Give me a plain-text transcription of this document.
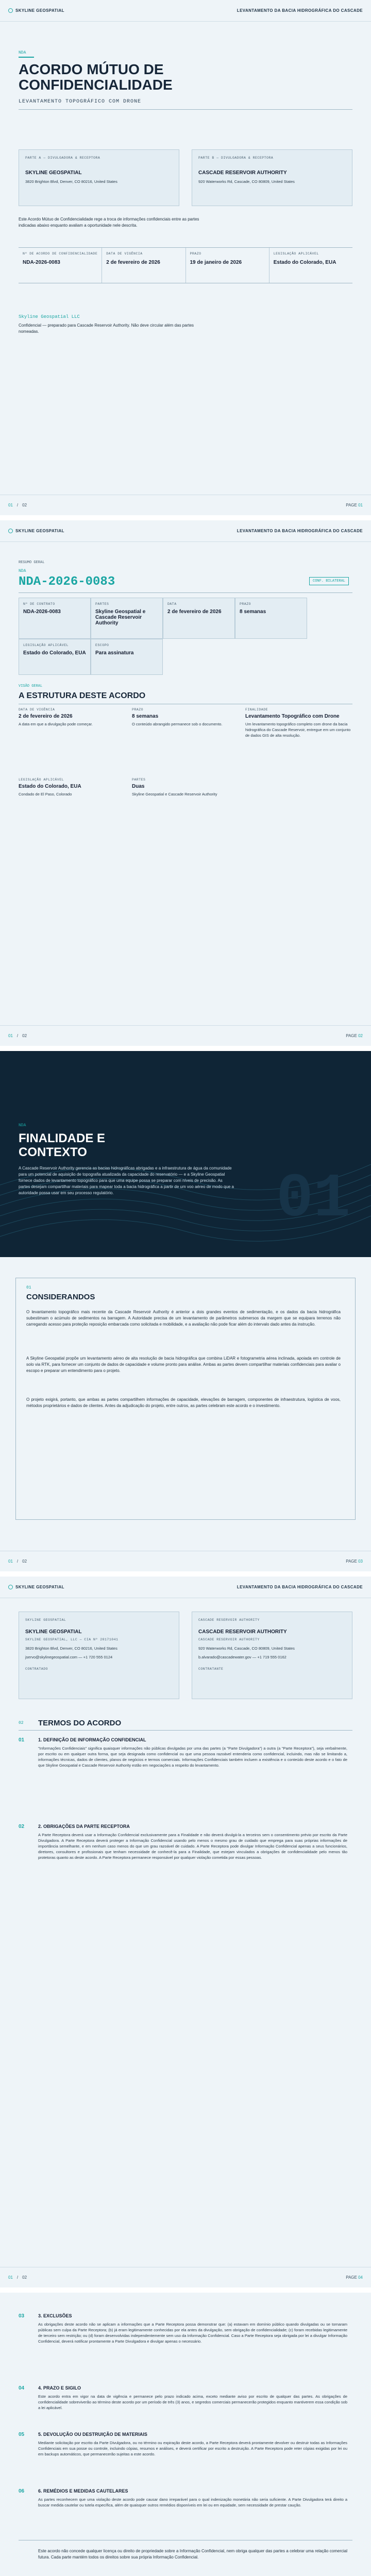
SKYLINE GEOSPATIAL	LEVANTAMENTO DA BACIA HIDROGRÁFICA DO CASCADE
NDA
ACORDO MÚTUO DE CONFIDENCIALIDADE
LEVANTAMENTO TOPOGRÁFICO COM DRONE
PARTE A — DIVULGADORA & RECEPTORA
SKYLINE GEOSPATIAL
3820 Brighton Blvd, Denver, CO 80216, United States
PARTE B — DIVULGADORA & RECEPTORA
CASCADE RESERVOIR AUTHORITY
920 Waterworks Rd, Cascade, CO 80809, United States
Este Acordo Mútuo de Confidencialidade rege a troca de informações confidenciais entre as partes indicadas abaixo enquanto avaliam a oportunidade nele descrita.
Nº DE ACORDO DE CONFIDENCIALIDADE
NDA-2026-0083
DATA DE VIGÊNCIA
2 de fevereiro de 2026
PRAZO
19 de janeiro de 2026
LEGISLAÇÃO APLICÁVEL
Estado do Colorado, EUA
Skyline Geospatial LLC
Confidencial — preparado para Cascade Reservoir Authority. Não deve circular além das partes nomeadas.
01 / 02	PAGE 01
SKYLINE GEOSPATIAL	LEVANTAMENTO DA BACIA HIDROGRÁFICA DO CASCADE
RESUMO GERAL
NDA
NDA-2026-0083	CONF. BILATERAL
Nº DE CONTRATO
NDA-2026-0083
PARTES
Skyline Geospatial e Cascade Reservoir Authority
DATA
2 de fevereiro de 2026
PRAZO
8 semanas
LEGISLAÇÃO APLICÁVEL
Estado do Colorado, EUA
ESCOPO
Para assinatura
VISÃO GERAL
A ESTRUTURA DESTE ACORDO
DATA DE VIGÊNCIA
2 de fevereiro de 2026
A data em que a divulgação pode começar.
PRAZO
8 semanas
O conteúdo abrangido permanece sob o documento.
FINALIDADE
Levantamento Topográfico com Drone
Um levantamento topográfico completo com drone da bacia hidrográfica do Cascade Reservoir, entregue em um conjunto de dados GIS de alta resolução.
LEGISLAÇÃO APLICÁVEL
Estado do Colorado, EUA
Condado de El Paso, Colorado
PARTES
Duas
Skyline Geospatial e Cascade Reservoir Authority
01 / 02	PAGE 02
01
NDA
FINALIDADE E CONTEXTO
A Cascade Reservoir Authority gerencia as bacias hidrográficas abrigadas e a infraestrutura de água da comunidade para um potencial de aquisição de topografia atualizada da capacidade do reservatório — e a Skyline Geospatial fornece dados de levantamento topográfico para que uma equipe possa se preparar com níveis de precisão. As partes desejam compartilhar materiais para mapear toda a bacia hidrográfica a partir de um voo aéreo de modo que a autoridade possa usar em seu processo regulatório.
01
CONSIDERANDOS
O levantamento topográfico mais recente da Cascade Reservoir Authority é anterior a dois grandes eventos de sedimentação, e os dados da bacia hidrográfica subestimam o acúmulo de sedimentos na barragem. A Autoridade precisa de um levantamento de parâmetros submersos da margem que se equipara terrenos não carregando acesso para proteção reposição embarcada como solicitada e mobilidade, e a avaliação não pode ficar além do intervalo dado antes da instrução.
A Skyline Geospatial propõe um levantamento aéreo de alta resolução de bacia hidrográfica que combina LiDAR e fotogrametria aérea inclinada, apoiada em controle de solo via RTK, para fornecer um conjunto de dados de capacidade e volume pronto para análise. Ambas as partes devem compartilhar materiais confidenciais para avaliar o escopo e preparar um entendimento para o projeto.
O projeto exigirá, portanto, que ambas as partes compartilhem informações de capacidade, elevações de barragem, componentes de infraestrutura, logística de voos, métodos proprietários e dados de clientes. Antes da adjudicação do projeto, entre outros, as partes celebram este acordo e o investimento.
01 / 02	PAGE 03
SKYLINE GEOSPATIAL	LEVANTAMENTO DA BACIA HIDROGRÁFICA DO CASCADE
SKYLINE GEOSPATIAL
SKYLINE GEOSPATIAL
SKYLINE GEOSPATIAL, LLC — CIA Nº 20171041
3820 Brighton Blvd, Denver, CO 80216, United States
jservo@skylinegeospatial.com — +1 720 555 0124
CONTRATADO
CASCADE RESERVOIR AUTHORITY
CASCADE RESERVOIR AUTHORITY
CASCADE RESERVOIR AUTHORITY
920 Waterworks Rd, Cascade, CO 80809, United States
b.alvarado@cascadewater.gov — +1 719 555 0162
CONTRATANTE
02 TERMOS DO ACORDO
01	1. DEFINIÇÃO DE INFORMAÇÃO CONFIDENCIAL
"Informações Confidenciais" significa quaisquer informações não públicas divulgadas por uma das partes (a "Parte Divulgadora") a outra (a "Parte Receptora"), seja verbalmente, por escrito ou em qualquer outra forma, que seja designada como confidencial ou que uma pessoa razoável entenderia como confidencial, incluindo, mas não se limitando a, informações técnicas, dados de clientes, planos de negócios e termos comerciais. Informações Confidenciais também incluem a existência e o conteúdo deste acordo e o fato de que Skyline Geospatial e Cascade Reservoir Authority estão em negociações a respeito do levantamento.
02	2. OBRIGAÇÕES DA PARTE RECEPTORA
A Parte Receptora deverá usar a Informação Confidencial exclusivamente para a Finalidade e não deverá divulgá-la a terceiros sem o consentimento prévio por escrito da Parte Divulgadora. A Parte Receptora deverá proteger a Informação Confidencial usando pelo menos o mesmo grau de cuidado que emprega para suas próprias informações de importância semelhante, e em nenhum caso menos do que um grau razoável de cuidado. A Parte Receptora pode divulgar Informação Confidencial apenas a seus funcionários, diretores, consultores e profissionais que tenham necessidade de conhecê-la para a Finalidade, que estejam vinculados a obrigações de confidencialidade pelo menos tão protetoras quanto as deste acordo. A Parte Receptora permanece responsável por qualquer violação cometida por essas pessoas.
01 / 02	PAGE 04
03	3. EXCLUSÕES
As obrigações deste acordo não se aplicam a informações que a Parte Receptora possa demonstrar que: (a) estavam em domínio público quando divulgadas ou se tornaram públicas sem culpa da Parte Receptora; (b) já eram legitimamente conhecidas por ela antes da divulgação, sem obrigação de confidencialidade; (c) foram recebidas legitimamente de terceiro sem restrição; ou (d) foram desenvolvidas independentemente sem uso da Informação Confidencial. Caso a Parte Receptora seja obrigada por lei a divulgar Informação Confidencial, deverá notificar prontamente a Parte Divulgadora e divulgar apenas o necessário.
04	4. PRAZO E SIGILO
Este acordo entra em vigor na data de vigência e permanece pelo prazo indicado acima, exceto mediante aviso por escrito de qualquer das partes. As obrigações de confidencialidade sobreviverão ao término deste acordo por um período de três (3) anos, e segredos comerciais permanecerão protegidos enquanto mantiverem essa condição sob a lei aplicável.
05	5. DEVOLUÇÃO OU DESTRUIÇÃO DE MATERIAIS
Mediante solicitação por escrito da Parte Divulgadora, ou no término ou expiração deste acordo, a Parte Receptora deverá prontamente devolver ou destruir todas as Informações Confidenciais em sua posse ou controle, incluindo cópias, resumos e análises, e deverá certificar por escrito a destruição. A Parte Receptora pode reter cópias exigidas por lei ou em backups automáticos, que permanecerão sujeitas a este acordo.
06	6. REMÉDIOS E MEDIDAS CAUTELARES
As partes reconhecem que uma violação deste acordo pode causar dano irreparável para o qual indenização monetária não seria suficiente. A Parte Divulgadora terá direito a buscar medida cautelar ou tutela específica, além de quaisquer outros remédios disponíveis em lei ou em equidade, sem necessidade de prestar caução.
Este acordo não concede qualquer licença ou direito de propriedade sobre a Informação Confidencial, nem obriga qualquer das partes a celebrar uma relação comercial futura. Cada parte mantém todos os direitos sobre sua própria Informação Confidencial.
